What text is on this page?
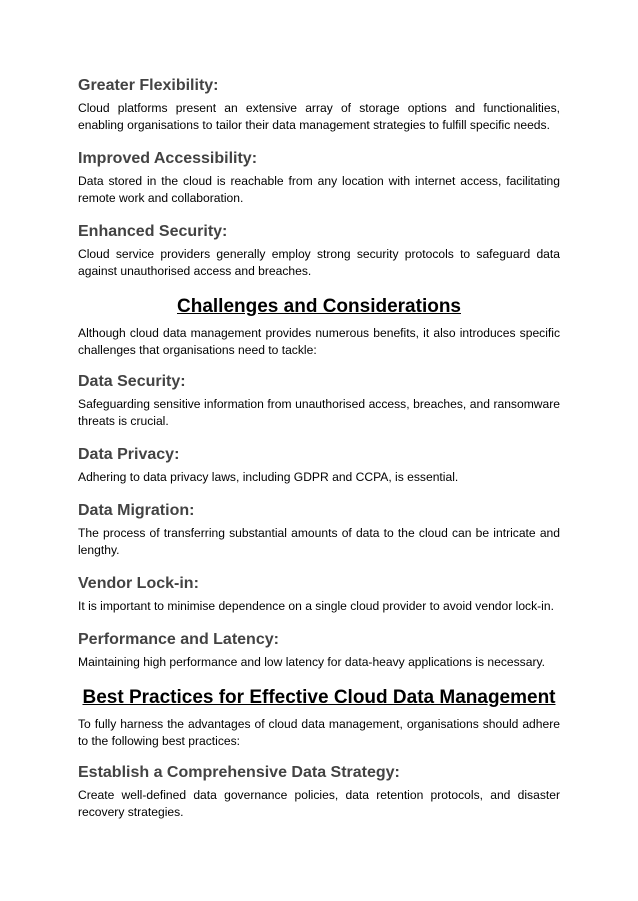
Greater Flexibility:

Cloud platforms present an extensive array of storage options and functionalities, enabling organisations to tailor their data management strategies to fulfill specific needs.

Improved Accessibility:

Data stored in the cloud is reachable from any location with internet access, facilitating remote work and collaboration.

Enhanced Security:

Cloud service providers generally employ strong security protocols to safeguard data against unauthorised access and breaches.

Challenges and Considerations

Although cloud data management provides numerous benefits, it also introduces specific challenges that organisations need to tackle:

Data Security:

Safeguarding sensitive information from unauthorised access, breaches, and ransomware threats is crucial.

Data Privacy:

Adhering to data privacy laws, including GDPR and CCPA, is essential.

Data Migration:

The process of transferring substantial amounts of data to the cloud can be intricate and lengthy.

Vendor Lock-in:

It is important to minimise dependence on a single cloud provider to avoid vendor lock-in.

Performance and Latency:

Maintaining high performance and low latency for data-heavy applications is necessary.

Best Practices for Effective Cloud Data Management

To fully harness the advantages of cloud data management, organisations should adhere to the following best practices:

Establish a Comprehensive Data Strategy:

Create well-defined data governance policies, data retention protocols, and disaster recovery strategies.
